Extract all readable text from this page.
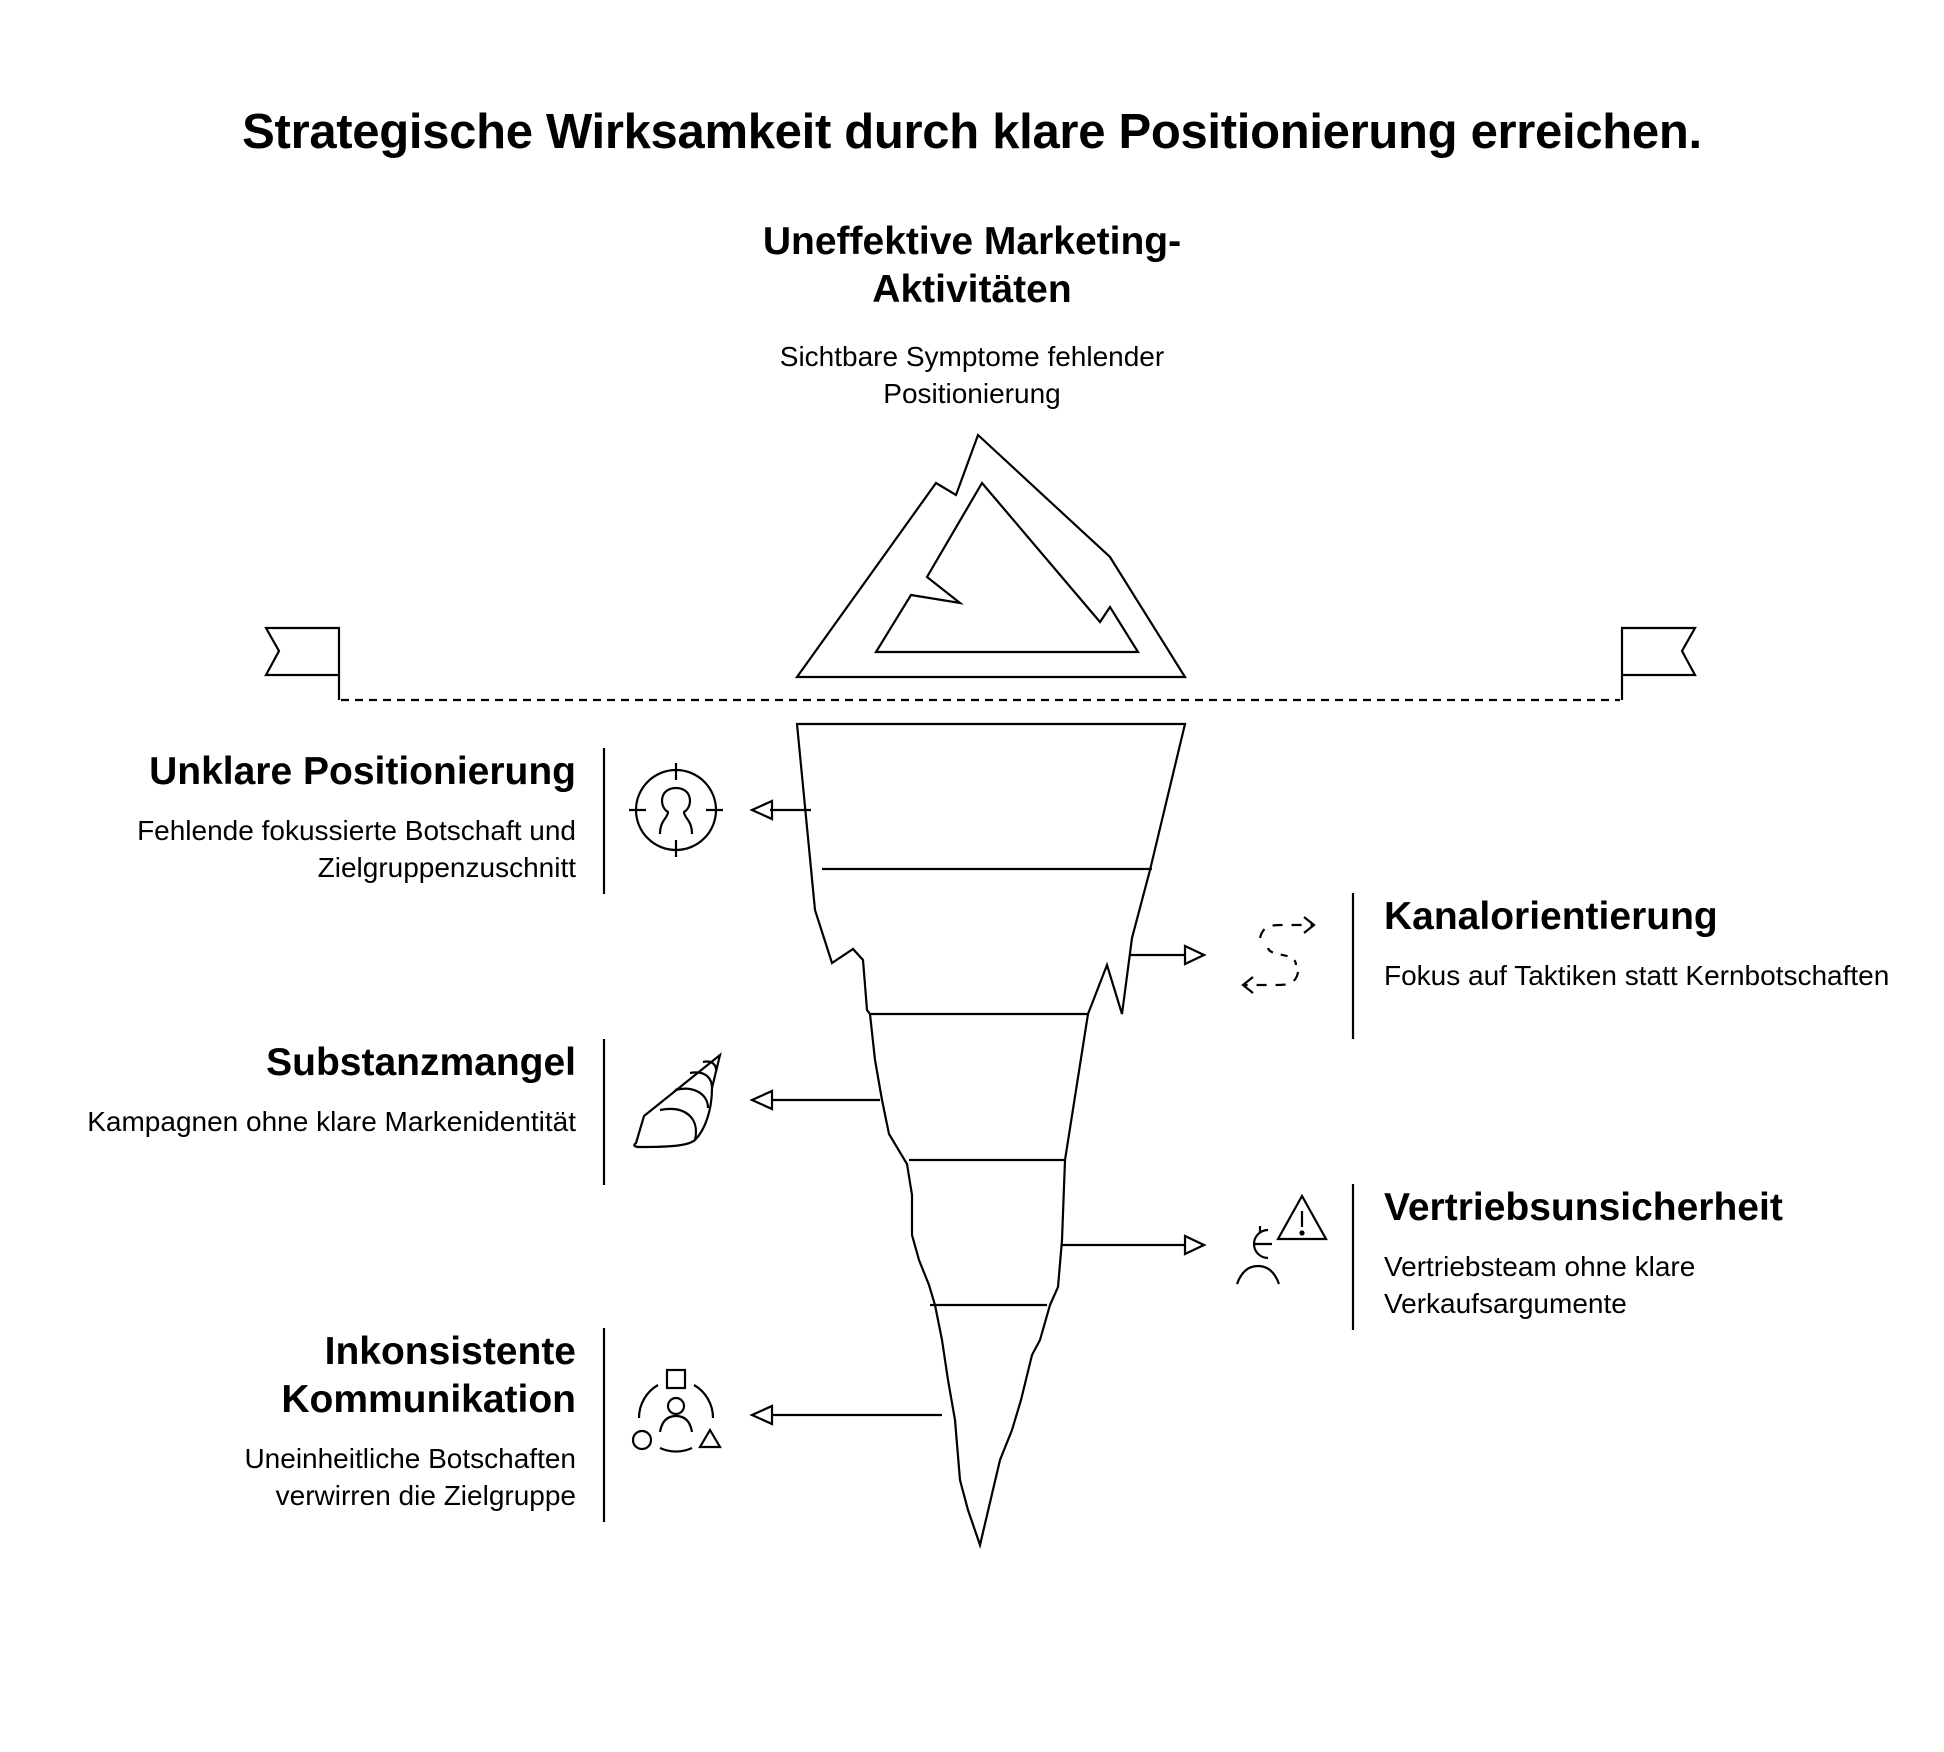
Strategische Wirksamkeit durch klare Positionierung erreichen.
Uneffektive Marketing-Aktivitäten
Sichtbare Symptome fehlender Positionierung
Unklare Positionierung
Fehlende fokussierte Botschaft und Zielgruppenzuschnitt
Kanalorientierung
Fokus auf Taktiken statt Kernbotschaften
Substanzmangel
Kampagnen ohne klare Markenidentität
Vertriebsunsicherheit
Vertriebsteam ohne klare Verkaufsargumente
Inkonsistente Kommunikation
Uneinheitliche Botschaften verwirren die Zielgruppe
